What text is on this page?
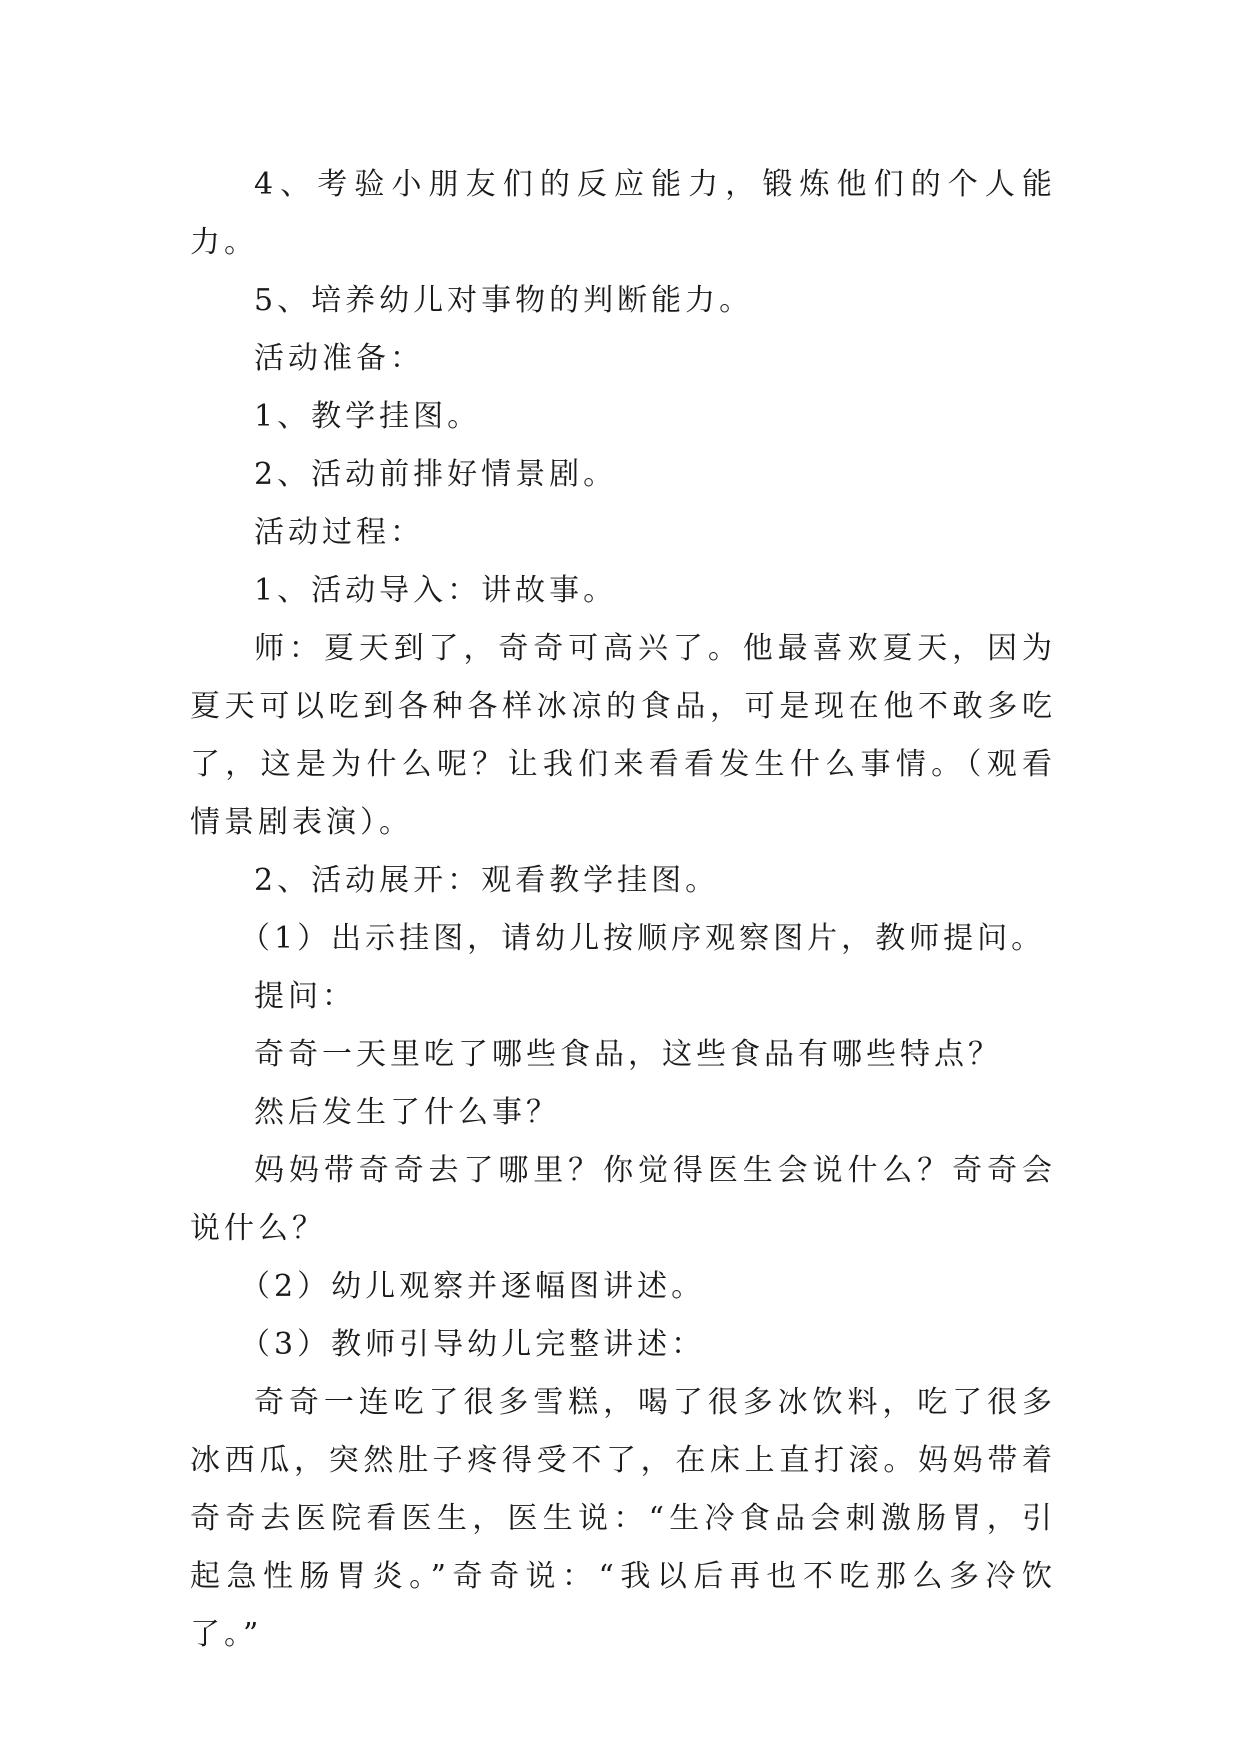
4、考验小朋友们的反应能力，锻炼他们的个人能力。

5、培养幼儿对事物的判断能力。

活动准备：

1、教学挂图。

2、活动前排好情景剧。

活动过程：

1、活动导入：讲故事。

师：夏天到了，奇奇可高兴了。他最喜欢夏天，因为夏天可以吃到各种各样冰凉的食品，可是现在他不敢多吃了，这是为什么呢？让我们来看看发生什么事情。（观看情景剧表演）。

2、活动展开：观看教学挂图。

（1）出示挂图，请幼儿按顺序观察图片，教师提问。

提问：

奇奇一天里吃了哪些食品，这些食品有哪些特点？

然后发生了什么事？

妈妈带奇奇去了哪里？你觉得医生会说什么？奇奇会说什么？

（2）幼儿观察并逐幅图讲述。

（3）教师引导幼儿完整讲述：

奇奇一连吃了很多雪糕，喝了很多冰饮料，吃了很多冰西瓜，突然肚子疼得受不了，在床上直打滚。妈妈带着奇奇去医院看医生，医生说：“生冷食品会刺激肠胃，引起急性肠胃炎。”奇奇说：“我以后再也不吃那么多冷饮了。”
